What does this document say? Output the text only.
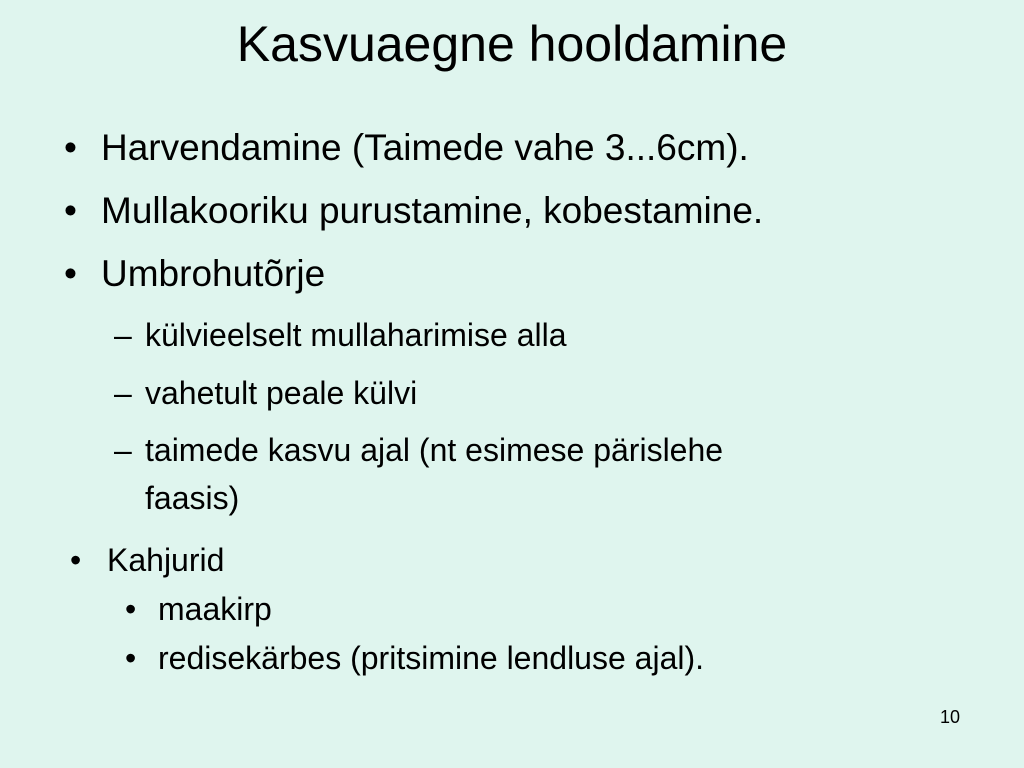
Kasvuaegne hooldamine
• Harvendamine (Taimede vahe 3...6cm).
• Mullakooriku purustamine, kobestamine.
• Umbrohutõrje
– külvieelselt mullaharimise alla
– vahetult peale külvi
– taimede kasvu ajal (nt esimese pärislehe
faasis)
• Kahjurid
• maakirp
• redisekärbes (pritsimine lendluse ajal).
10
